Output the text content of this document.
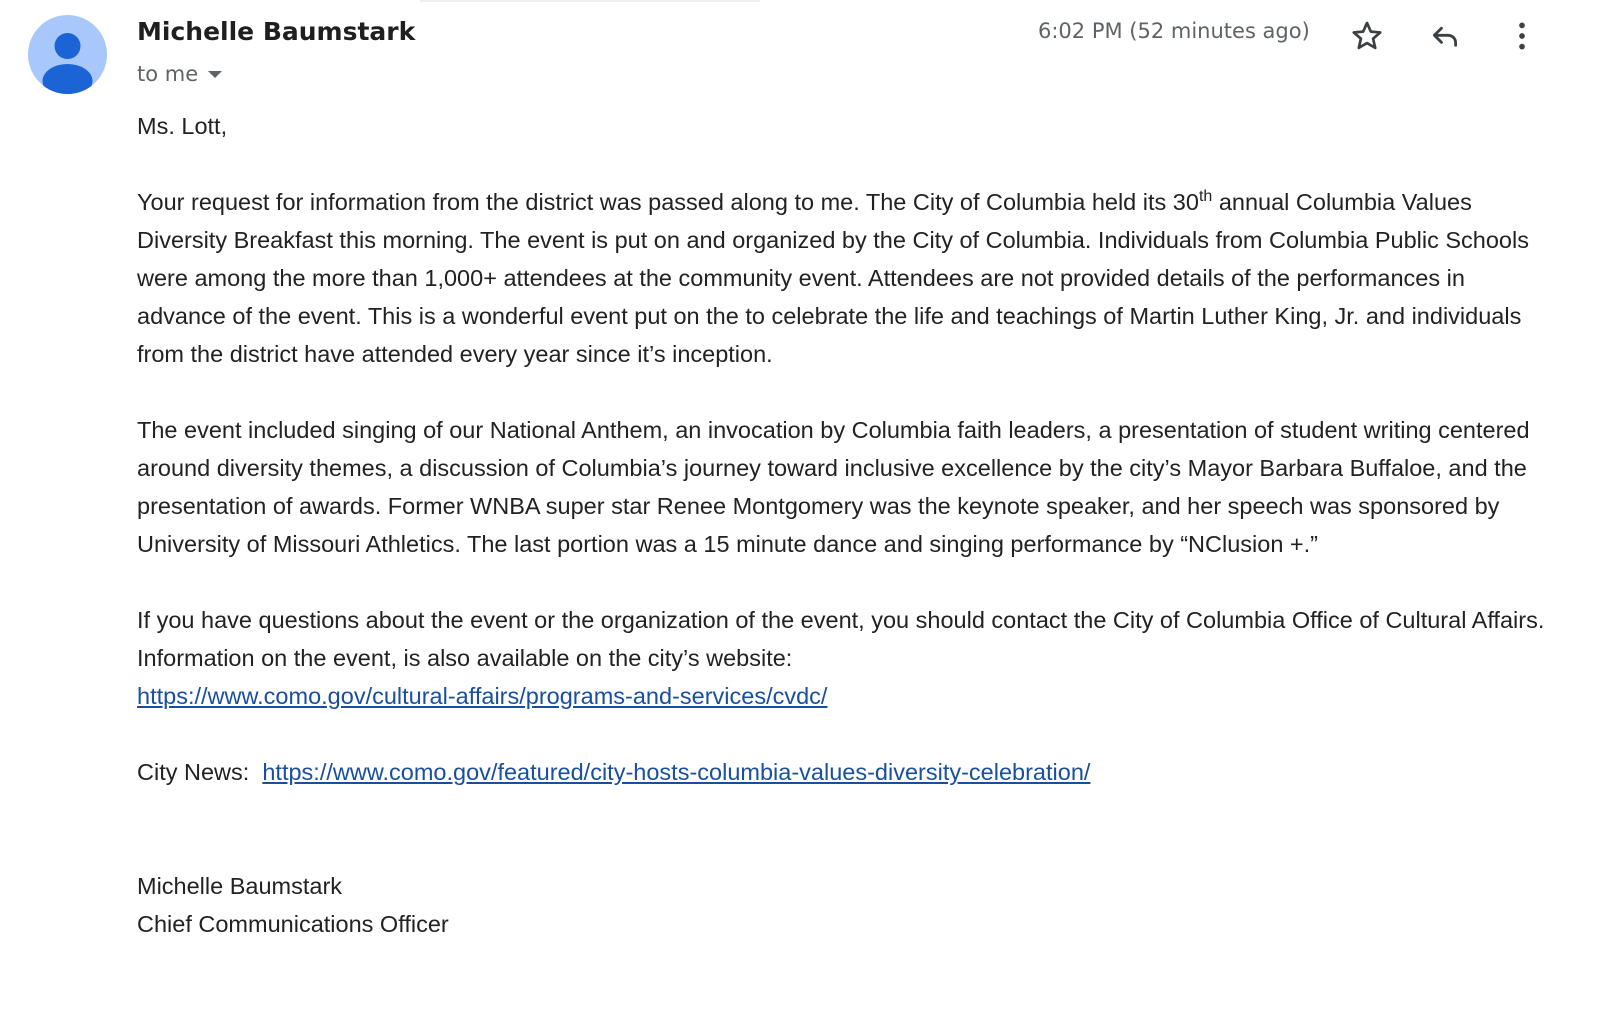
Michelle Baumstark
to me
6:02 PM (52 minutes ago)

Ms. Lott,

Your request for information from the district was passed along to me. The City of Columbia held its 30th annual Columbia Values Diversity Breakfast this morning. The event is put on and organized by the City of Columbia. Individuals from Columbia Public Schools were among the more than 1,000+ attendees at the community event. Attendees are not provided details of the performances in advance of the event. This is a wonderful event put on the to celebrate the life and teachings of Martin Luther King, Jr. and individuals from the district have attended every year since it’s inception.

The event included singing of our National Anthem, an invocation by Columbia faith leaders, a presentation of student writing centered around diversity themes, a discussion of Columbia’s journey toward inclusive excellence by the city’s Mayor Barbara Buffaloe, and the presentation of awards. Former WNBA super star Renee Montgomery was the keynote speaker, and her speech was sponsored by University of Missouri Athletics. The last portion was a 15 minute dance and singing performance by “NClusion +.”

If you have questions about the event or the organization of the event, you should contact the City of Columbia Office of Cultural Affairs. Information on the event, is also available on the city’s website:
https://www.como.gov/cultural-affairs/programs-and-services/cvdc/

City News:  https://www.como.gov/featured/city-hosts-columbia-values-diversity-celebration/

Michelle Baumstark

Chief Communications Officer
